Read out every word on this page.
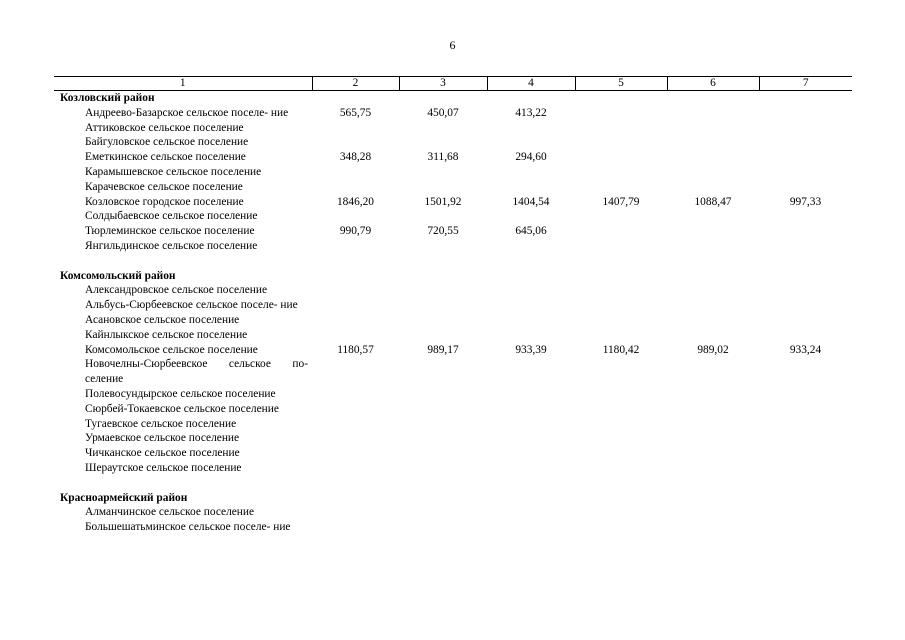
6
1	2	3	4	5	6	7
Козловский район						
Андреево-Базарское сельское поселе- ние	565,75	450,07	413,22			
Аттиковское сельское поселение						
Байгуловское сельское поселение						
Еметкинское сельское поселение	348,28	311,68	294,60			
Карамышевское сельское поселение						
Карачевское сельское поселение						
Козловское городское поселение	1846,20	1501,92	1404,54	1407,79	1088,47	997,33
Солдыбаевское сельское поселение						
Тюрлеминское сельское поселение	990,79	720,55	645,06			
Янгильдинское сельское поселение						

Комсомольский район						
Александровское сельское поселение						
Альбусь-Сюрбеевское сельское поселе- ние						
Асановское сельское поселение						
Кайнлыкское сельское поселение						
Комсомольское сельское поселение	1180,57	989,17	933,39	1180,42	989,02	933,24
Новочелны-Сюрбеевское сельское по- селение						
Полевосундырское сельское поселение						
Сюрбей-Токаевское сельское поселение						
Тугаевское сельское поселение						
Урмаевское сельское поселение						
Чичканское сельское поселение						
Шераутское сельское поселение						

Красноармейский район						
Алманчинское сельское поселение						
Большешатьминское сельское поселе- ние						
